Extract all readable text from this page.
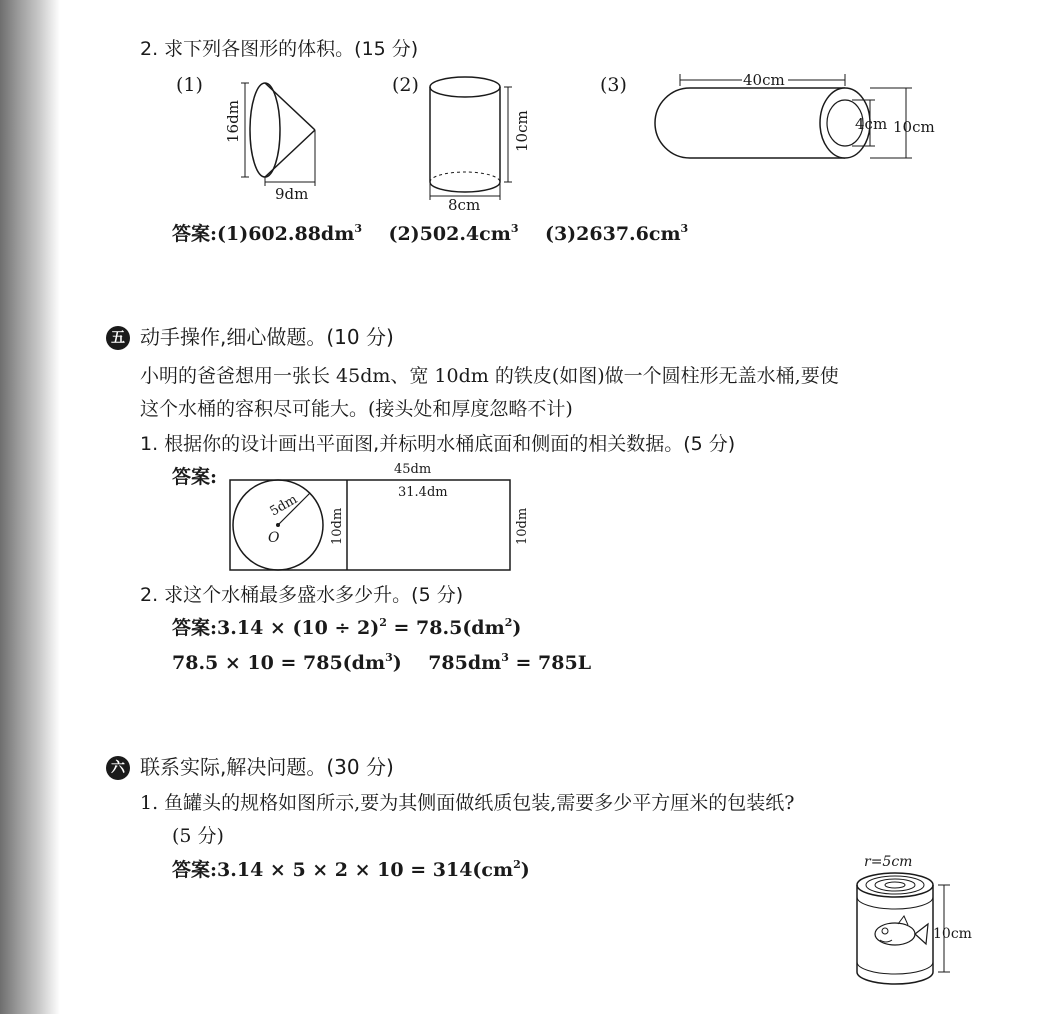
2. 求下列各图形的体积。(15 分)
(1)
16dm
9dm
(2)
10cm
8cm
(3)	40cm
4cm 10cm
答案$:(1)602.88dm^3$ $(2)502.4cm^3$ $(3)2637.6cm^3$
五 动手操作,细心做题。(10 分)
小明的爸爸想用一张长 45dm、宽 10dm 的铁皮(如图)做一个圆柱形无盖水桶,要使
这个水桶的容积尽可能大。(接头处和厚度忽略不计)
1. 根据你的设计画出平面图,并标明水桶底面和侧面的相关数据。(5 分)
答案:	45dm
5dm
O
31.4dm
10dm	10dm
2. 求这个水桶最多盛水多少升。(5 分)
答案:3.14 × $(10 \div 2)^2 = 78.5(dm^2)$
$78.5 \times 10 = 785(dm^3) 785dm^3 = 785L$
六 联系实际,解决问题。(30 分)
1. 鱼罐头的规格如图所示,要为其侧面做纸质包装,需要多少平方厘米的包装纸?
(5 分)
答案:3.14 × $5 \times 2 \times 10 = 314(cm^2)$	r=5cm
10cm
